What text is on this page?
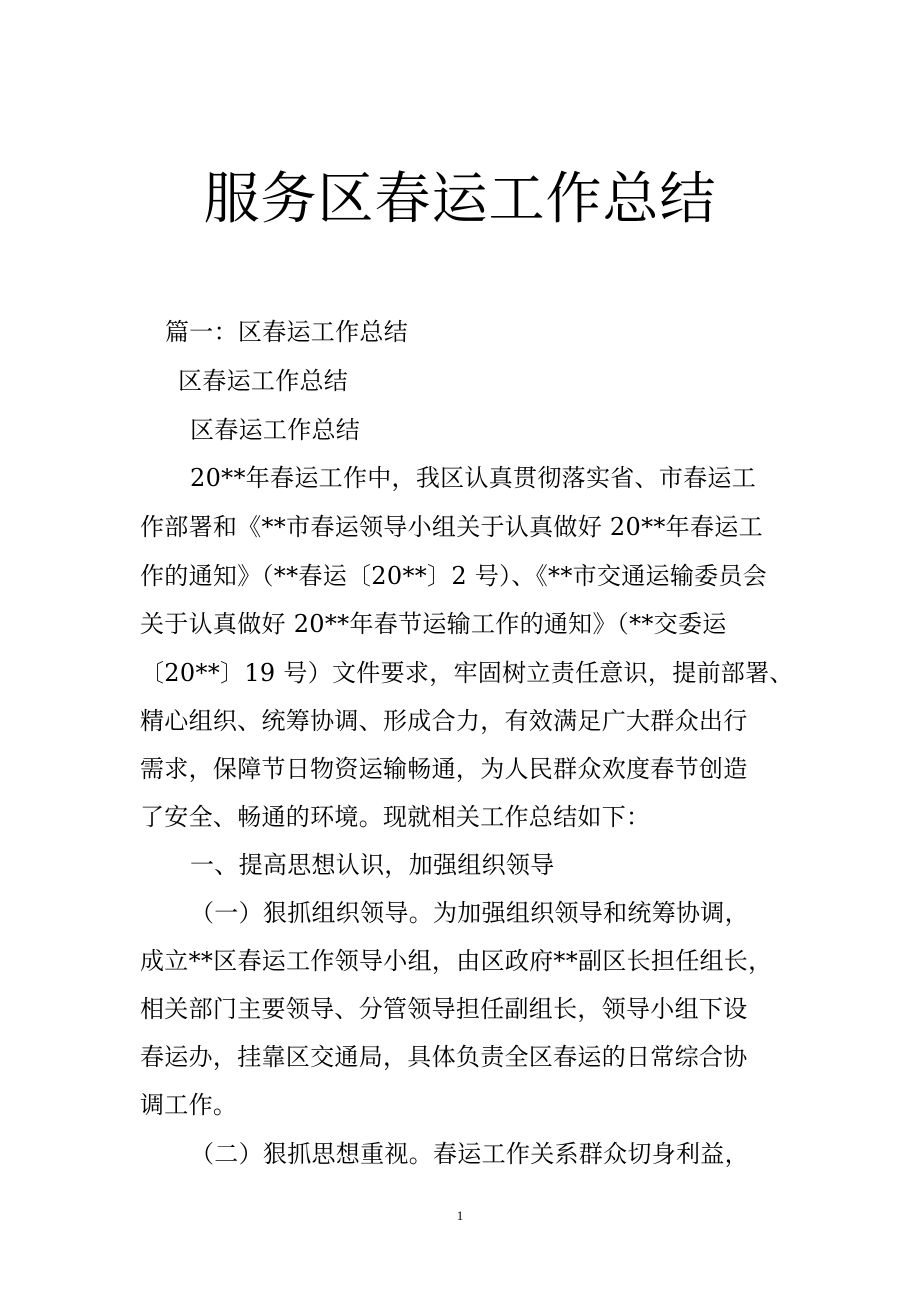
服务区春运工作总结
篇一：区春运工作总结
区春运工作总结
区春运工作总结
20**年春运工作中，我区认真贯彻落实省、市春运工
作部署和《**市春运领导小组关于认真做好 20**年春运工
作的通知》（**春运〔20**〕2 号）、《**市交通运输委员会
关于认真做好 20**年春节运输工作的通知》（**交委运
〔20**〕19 号）文件要求，牢固树立责任意识，提前部署、
精心组织、统筹协调、形成合力，有效满足广大群众出行
需求，保障节日物资运输畅通，为人民群众欢度春节创造
了安全、畅通的环境。现就相关工作总结如下：
一、提高思想认识，加强组织领导
（一）狠抓组织领导。为加强组织领导和统筹协调，
成立**区春运工作领导小组，由区政府**副区长担任组长，
相关部门主要领导、分管领导担任副组长，领导小组下设
春运办，挂靠区交通局，具体负责全区春运的日常综合协
调工作。
（二）狠抓思想重视。春运工作关系群众切身利益，
1
